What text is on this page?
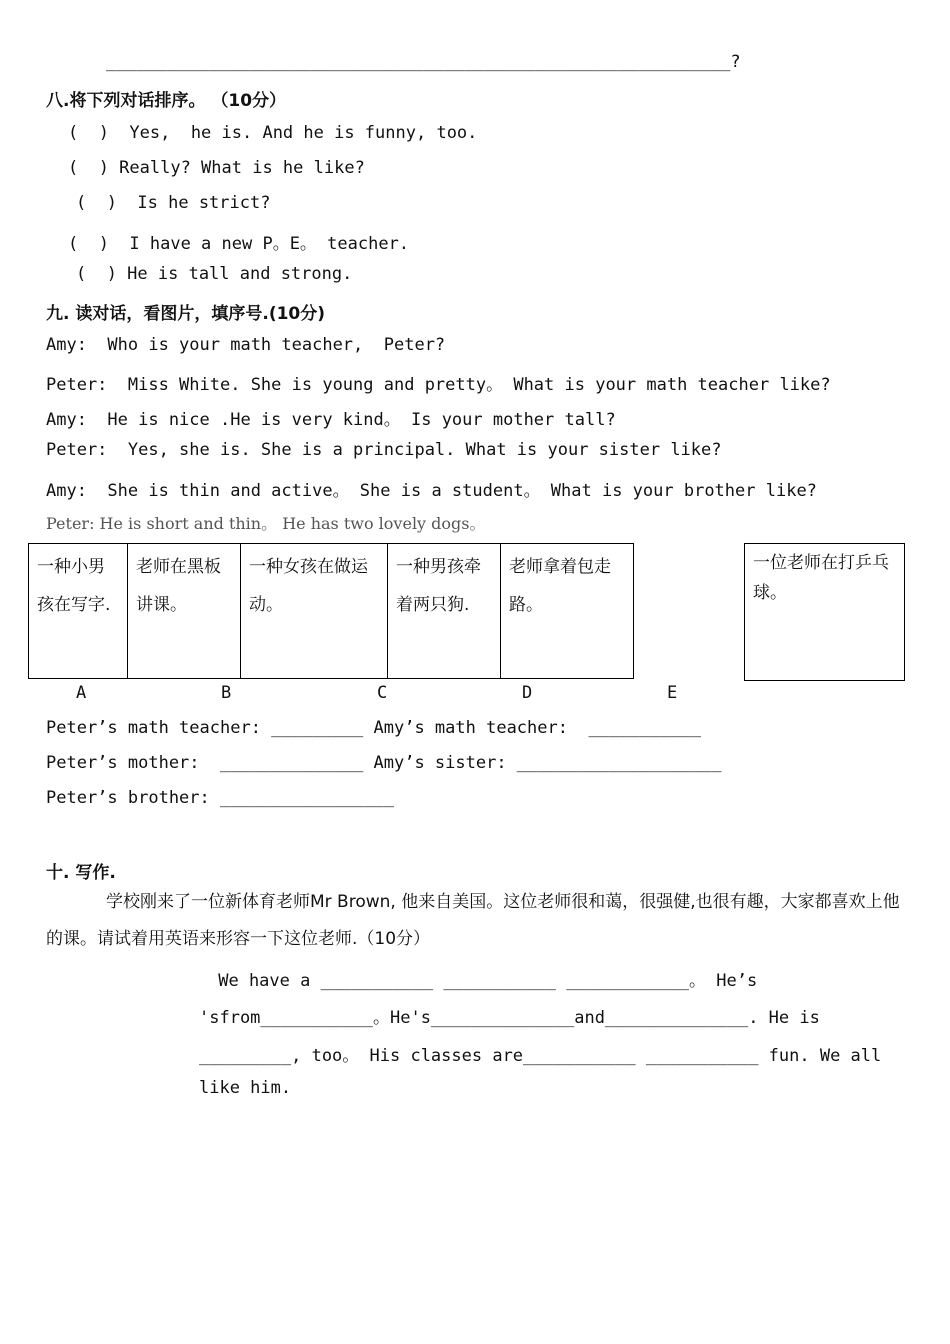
_____________________________________________________________?
八.将下列对话排序。 （10分）
(  )  Yes,  he is. And he is funny, too.
(  ) Really? What is he like?
(  )  Is he strict?
(  )  I have a new P。E。 teacher.
(  ) He is tall and strong.
九. 读对话，看图片，填序号.(10分)
Amy:  Who is your math teacher,  Peter?
Peter:  Miss White. She is young and pretty。 What is your math teacher like?
Amy:  He is nice .He is very kind。 Is your mother tall?
Peter:  Yes, she is. She is a principal. What is your sister like?
Amy:  She is thin and active。 She is a student。 What is your brother like?
Peter: He is short and thin。 He has two lovely dogs。
一种小男孩在写字.
老师在黑板讲课。
一种女孩在做运动。
一种男孩牵着两只狗.
老师拿着包走路。
一位老师在打乒乓球。
A	B	C	D	E
Peter’s math teacher: _________ Amy’s math teacher:  ___________
Peter’s mother:  ______________ Amy’s sister: ____________________
Peter’s brother: _________________
十. 写作.
学校刚来了一位新体育老师Mr Brown, 他来自美国。这位老师很和蔼，很强健,也很有趣，大家都喜欢上他的课。请试着用英语来形容一下这位老师.（10分）
We have a ___________ ___________ ____________。 He’s
'sfrom___________。He's______________and______________. He is
_________, too。 His classes are___________ ___________ fun. We all
like him.
